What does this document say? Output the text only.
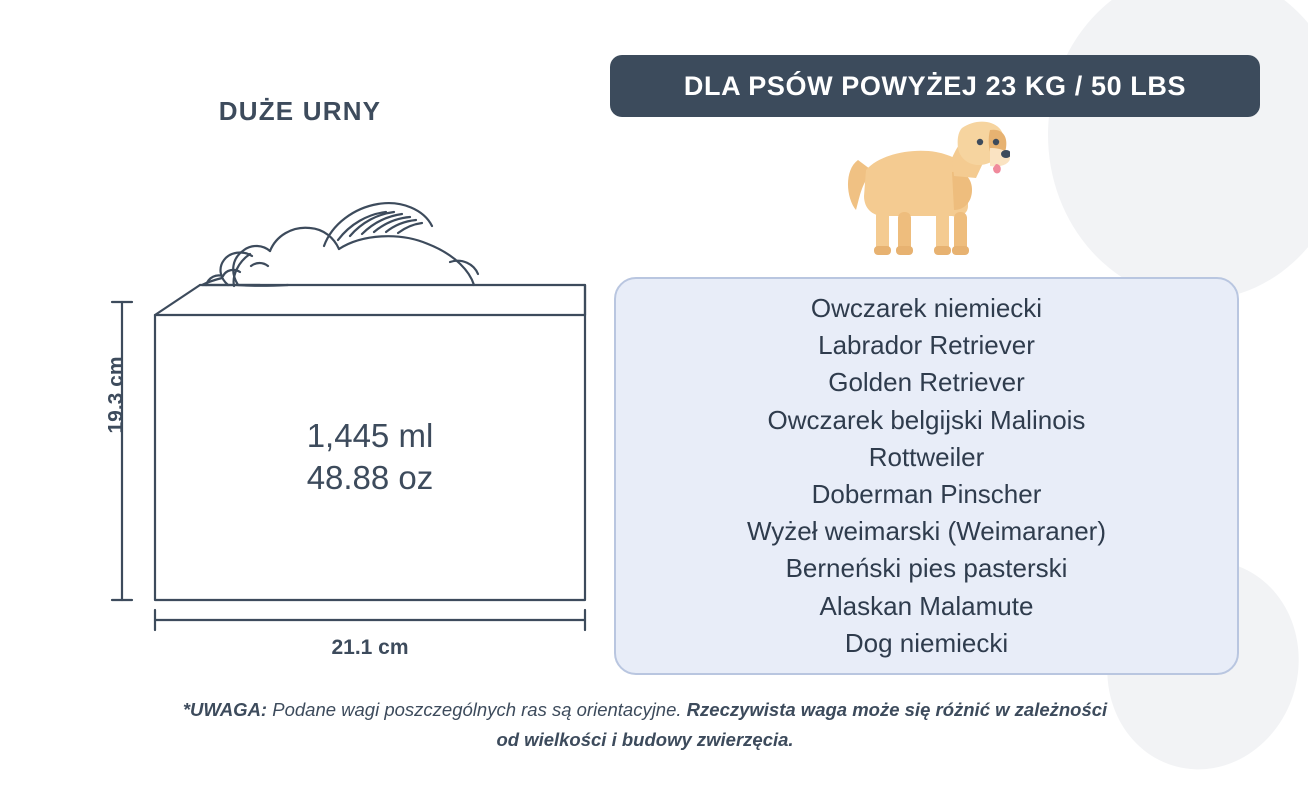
DUŻE URNY
19.3 cm
21.1 cm
1,445 ml
48.88 oz
DLA PSÓW POWYŻEJ 23 KG / 50 LBS
Owczarek niemiecki
Labrador Retriever
Golden Retriever
Owczarek belgijski Malinois
Rottweiler
Doberman Pinscher
Wyżeł weimarski (Weimaraner)
Berneński pies pasterski
Alaskan Malamute
Dog niemiecki
*UWAGA: Podane wagi poszczególnych ras są orientacyjne. Rzeczywista waga może się różnić w zależności od wielkości i budowy zwierzęcia.
